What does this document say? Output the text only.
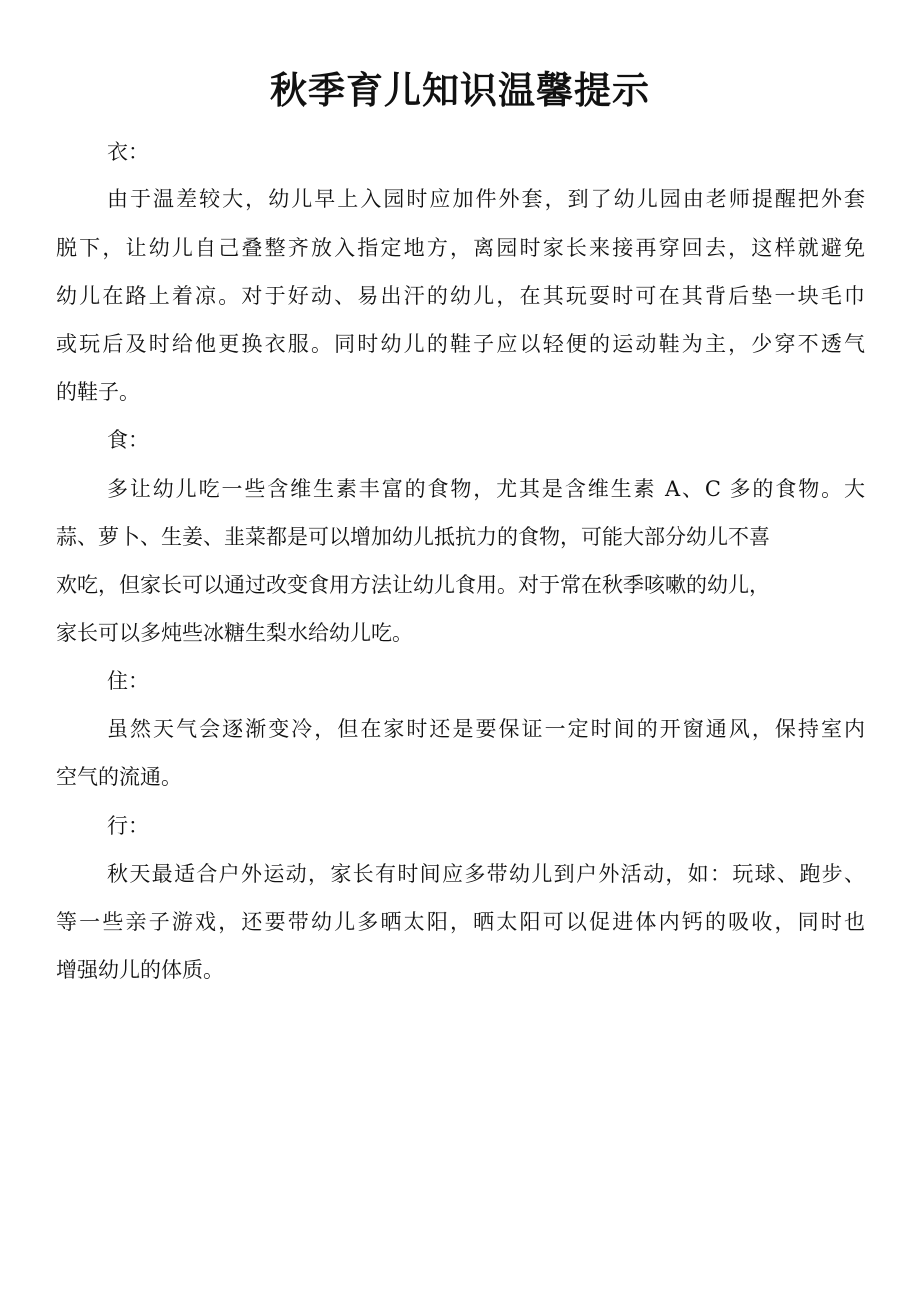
秋季育儿知识温馨提示
衣：
由于温差较大，幼儿早上入园时应加件外套，到了幼儿园由老师提醒把外套
脱下，让幼儿自己叠整齐放入指定地方，离园时家长来接再穿回去，这样就避免
幼儿在路上着凉。对于好动、易出汗的幼儿，在其玩耍时可在其背后垫一块毛巾
或玩后及时给他更换衣服。同时幼儿的鞋子应以轻便的运动鞋为主，少穿不透气
的鞋子。
食：
多让幼儿吃一些含维生素丰富的食物，尤其是含维生素 A、C 多的食物。大
蒜、萝卜、生姜、韭菜都是可以增加幼儿抵抗力的食物，可能大部分幼儿不喜
欢吃，但家长可以通过改变食用方法让幼儿食用。对于常在秋季咳嗽的幼儿，
家长可以多炖些冰糖生梨水给幼儿吃。
住：
虽然天气会逐渐变冷，但在家时还是要保证一定时间的开窗通风，保持室内
空气的流通。
行：
秋天最适合户外运动，家长有时间应多带幼儿到户外活动，如：玩球、跑步、
等一些亲子游戏，还要带幼儿多晒太阳，晒太阳可以促进体内钙的吸收，同时也
增强幼儿的体质。
